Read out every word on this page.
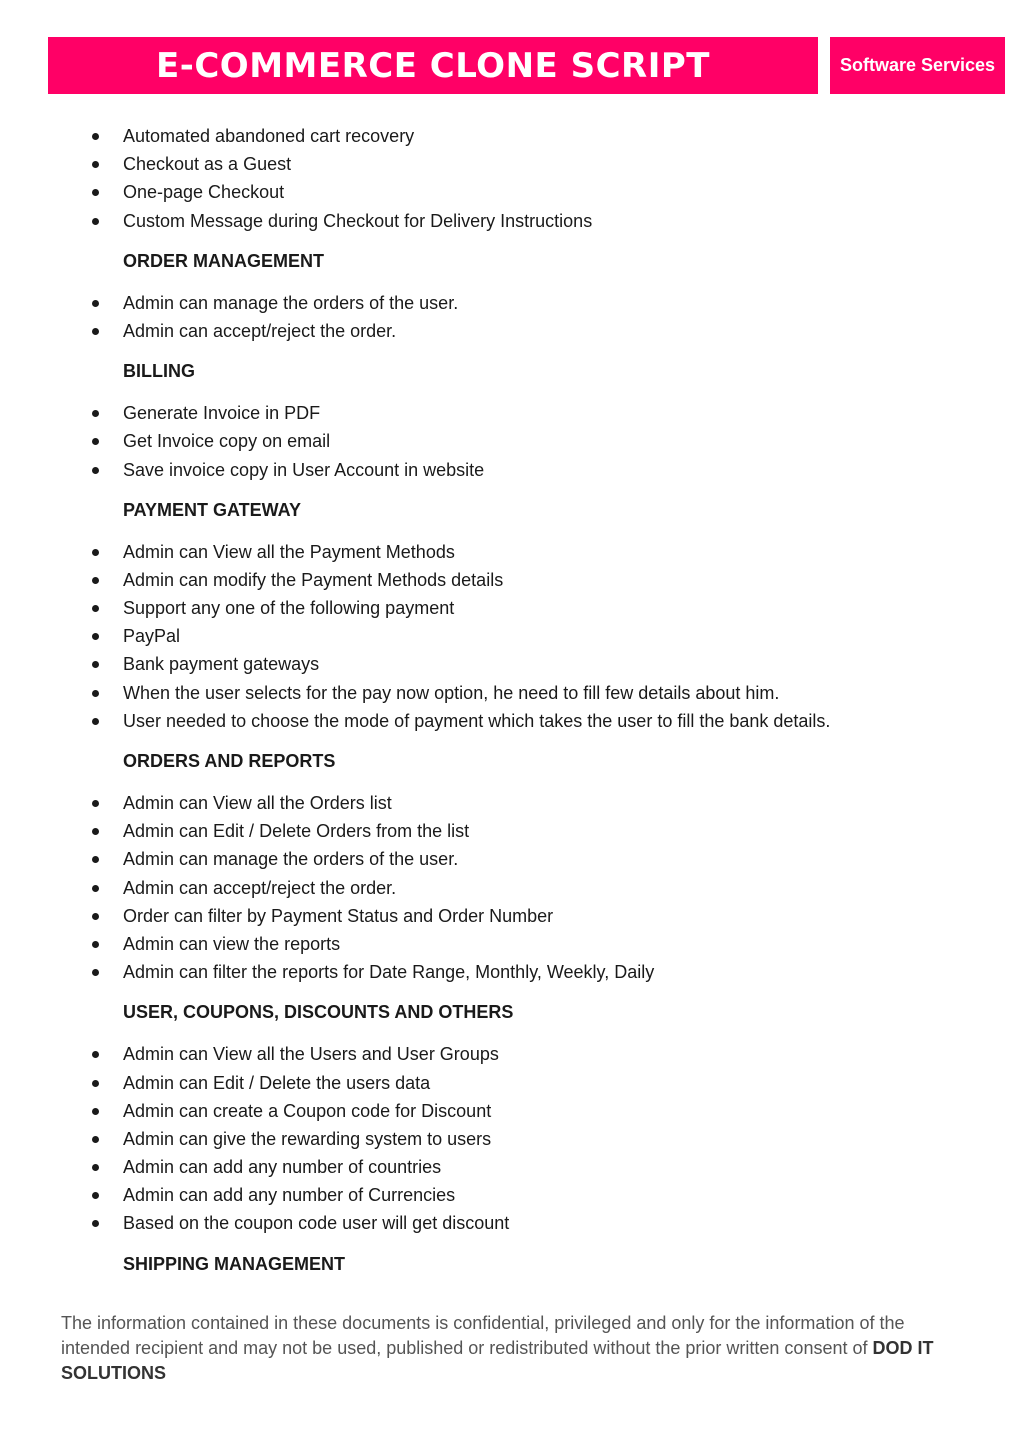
E-COMMERCE CLONE SCRIPT	Software Services
Automated abandoned cart recovery
Checkout as a Guest
One-page Checkout
Custom Message during Checkout for Delivery Instructions
ORDER MANAGEMENT
Admin can manage the orders of the user.
Admin can accept/reject the order.
BILLING
Generate Invoice in PDF
Get Invoice copy on email
Save invoice copy in User Account in website
PAYMENT GATEWAY
Admin can View all the Payment Methods
Admin can modify the Payment Methods details
Support any one of the following payment
PayPal
Bank payment gateways
When the user selects for the pay now option, he need to fill few details about him.
User needed to choose the mode of payment which takes the user to fill the bank details.
ORDERS AND REPORTS
Admin can View all the Orders list
Admin can Edit / Delete Orders from the list
Admin can manage the orders of the user.
Admin can accept/reject the order.
Order can filter by Payment Status and Order Number
Admin can view the reports
Admin can filter the reports for Date Range, Monthly, Weekly, Daily
USER, COUPONS, DISCOUNTS AND OTHERS
Admin can View all the Users and User Groups
Admin can Edit / Delete the users data
Admin can create a Coupon code for Discount
Admin can give the rewarding system to users
Admin can add any number of countries
Admin can add any number of Currencies
Based on the coupon code user will get discount
SHIPPING MANAGEMENT

The information contained in these documents is confidential, privileged and only for the information of the intended recipient and may not be used, published or redistributed without the prior written consent of DOD IT SOLUTIONS
